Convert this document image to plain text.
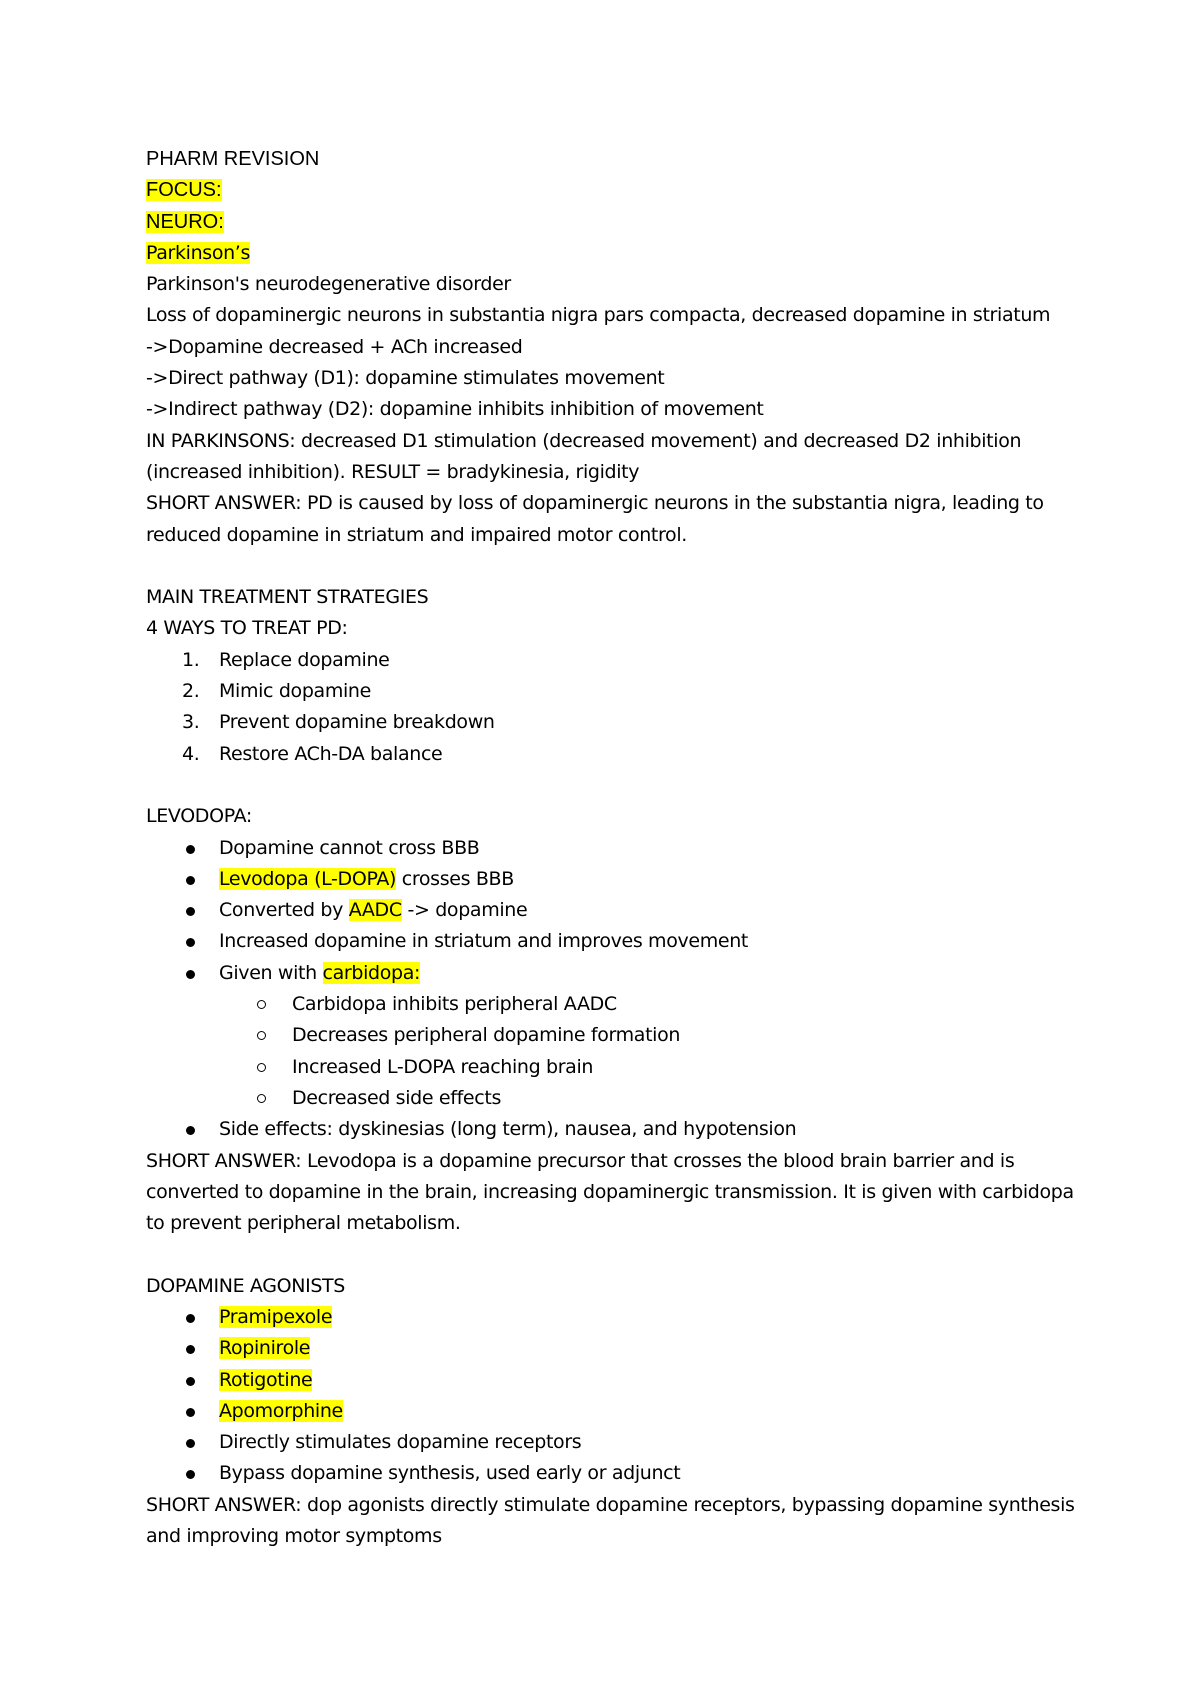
PHARM REVISION
FOCUS:
NEURO:
Parkinson’s
Parkinson's neurodegenerative disorder
Loss of dopaminergic neurons in substantia nigra pars compacta, decreased dopamine in striatum
->Dopamine decreased + ACh increased
->Direct pathway (D1): dopamine stimulates movement
->Indirect pathway (D2): dopamine inhibits inhibition of movement
IN PARKINSONS: decreased D1 stimulation (decreased movement) and decreased D2 inhibition
(increased inhibition). RESULT = bradykinesia, rigidity
SHORT ANSWER: PD is caused by loss of dopaminergic neurons in the substantia nigra, leading to
reduced dopamine in striatum and impaired motor control.
MAIN TREATMENT STRATEGIES
4 WAYS TO TREAT PD:
1. Replace dopamine
2. Mimic dopamine
3. Prevent dopamine breakdown
4. Restore ACh-DA balance
LEVODOPA:
Dopamine cannot cross BBB
Levodopa (L-DOPA) crosses BBB
Converted by AADC -> dopamine
Increased dopamine in striatum and improves movement
Given with carbidopa:
Carbidopa inhibits peripheral AADC
Decreases peripheral dopamine formation
Increased L-DOPA reaching brain
Decreased side effects
Side effects: dyskinesias (long term), nausea, and hypotension
SHORT ANSWER: Levodopa is a dopamine precursor that crosses the blood brain barrier and is
converted to dopamine in the brain, increasing dopaminergic transmission. It is given with carbidopa
to prevent peripheral metabolism.
DOPAMINE AGONISTS
Pramipexole
Ropinirole
Rotigotine
Apomorphine
Directly stimulates dopamine receptors
Bypass dopamine synthesis, used early or adjunct
SHORT ANSWER: dop agonists directly stimulate dopamine receptors, bypassing dopamine synthesis
and improving motor symptoms
